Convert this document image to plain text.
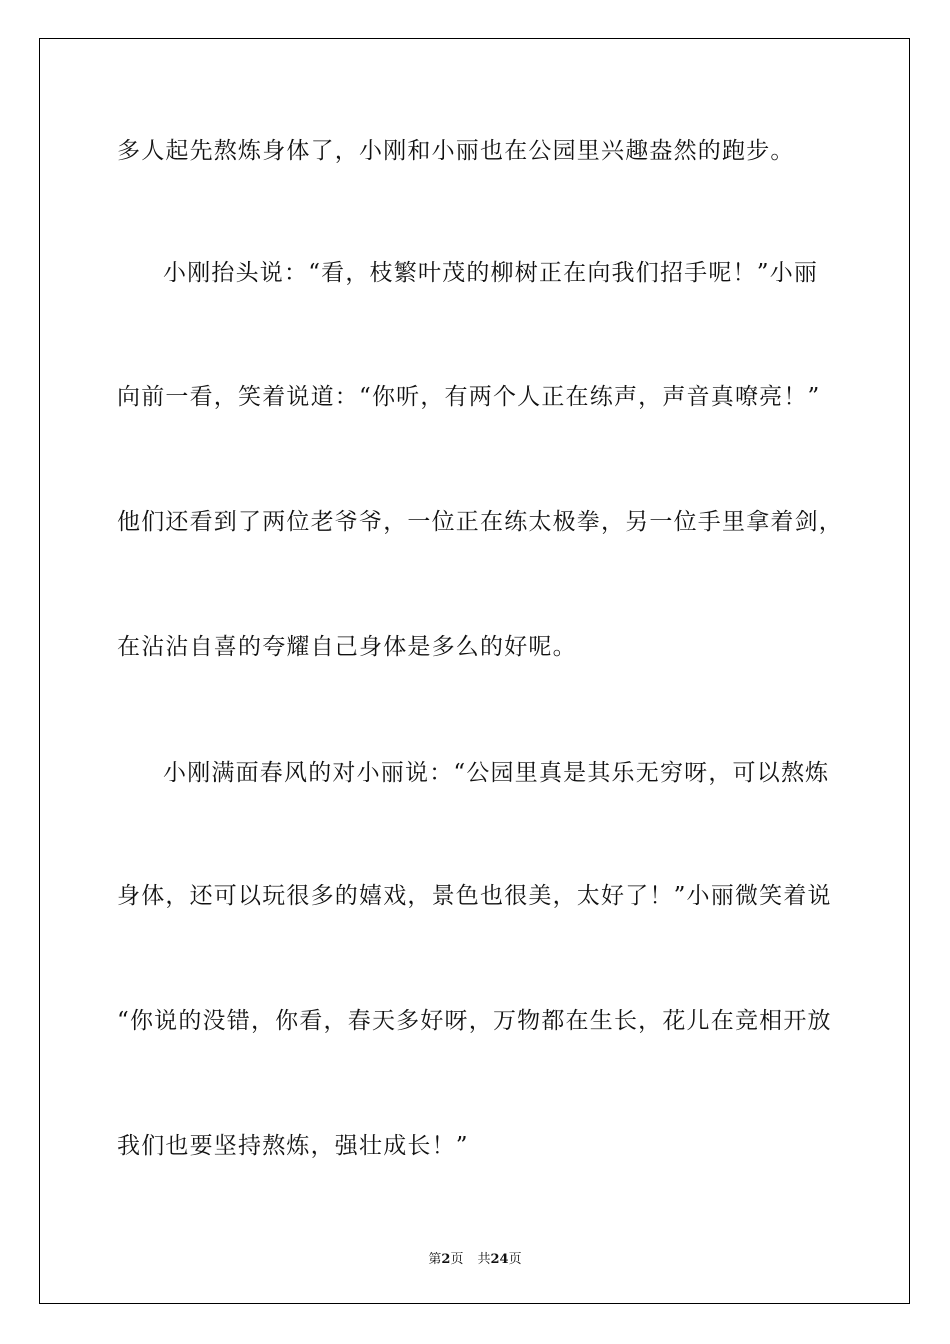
多人起先熬炼身体了，小刚和小丽也在公园里兴趣盎然的跑步。
小刚抬头说：“看，枝繁叶茂的柳树正在向我们招手呢！”小丽
向前一看，笑着说道：“你听，有两个人正在练声，声音真嘹亮！”
他们还看到了两位老爷爷，一位正在练太极拳，另一位手里拿着剑，
在沾沾自喜的夸耀自己身体是多么的好呢。
小刚满面春风的对小丽说：“公园里真是其乐无穷呀，可以熬炼
身体，还可以玩很多的嬉戏，景色也很美，太好了！”小丽微笑着说
“你说的没错，你看，春天多好呀，万物都在生长，花儿在竞相开放
我们也要坚持熬炼，强壮成长！”
第2页 共24页
